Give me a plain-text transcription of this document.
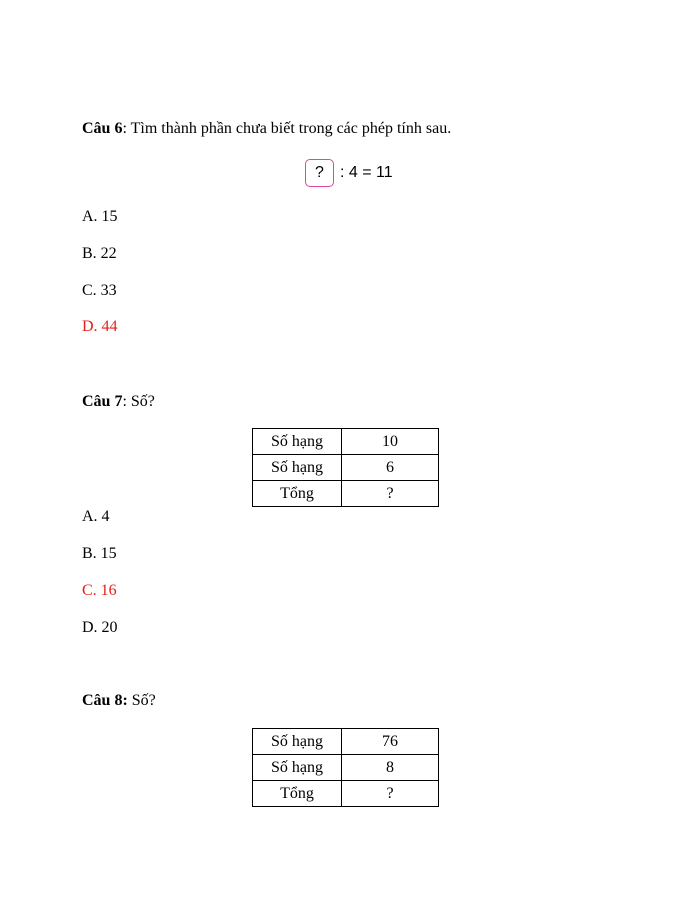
Câu 6: Tìm thành phần chưa biết trong các phép tính sau.
? : 4 = 11
A. 15
B. 22
C. 33
D. 44
Câu 7: Số?
Số hạng	10
Số hạng	6
Tổng	?
A. 4
B. 15
C. 16
D. 20
Câu 8: Số?
Số hạng	76
Số hạng	8
Tổng	?
